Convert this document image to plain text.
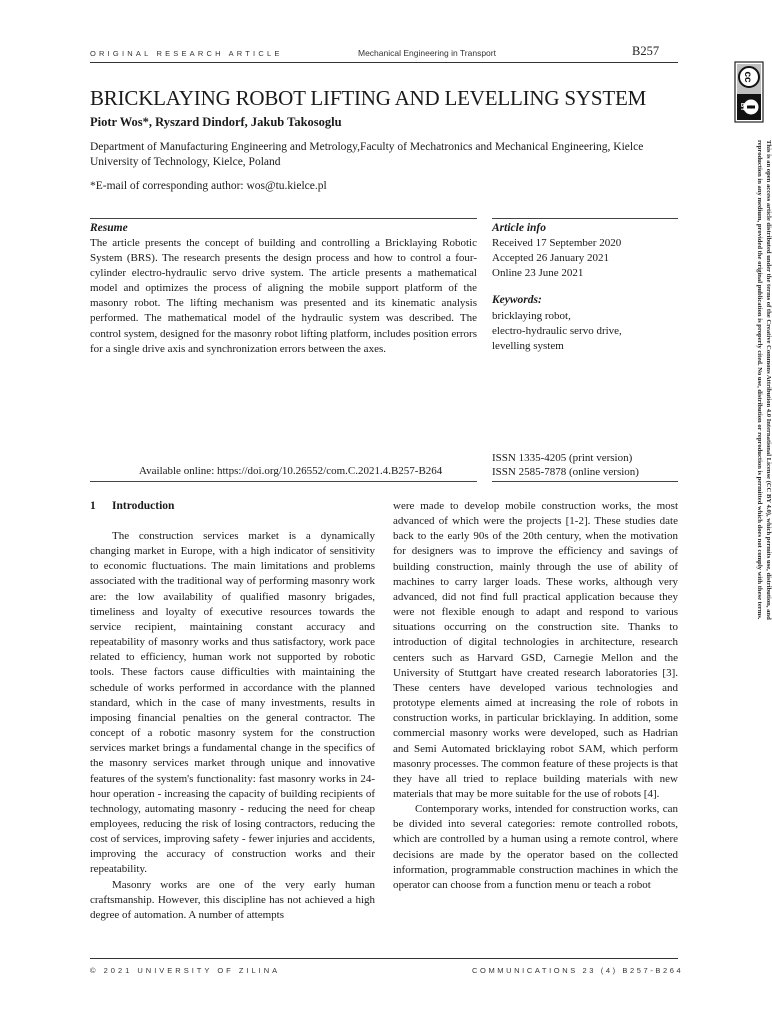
ORIGINAL RESEARCH ARTICLE	Mechanical Engineering in Transport	B257
BRICKLAYING ROBOT LIFTING AND LEVELLING SYSTEM
Piotr Wos*, Ryszard Dindorf, Jakub Takosoglu
Department of Manufacturing Engineering and Metrology,Faculty of Mechatronics and Mechanical Engineering, Kielce University of Technology, Kielce, Poland
*E-mail of corresponding author: wos@tu.kielce.pl
Resume
The article presents the concept of building and controlling a Bricklaying Robotic System (BRS). The research presents the design process and how to control a four-cylinder electro-hydraulic servo drive system. The article presents a mathematical model and optimizes the process of aligning the mobile support platform of the masonry robot. The lifting mechanism was presented and its kinematic analysis performed. The mathematical model of the hydraulic system was described. The control system, designed for the masonry robot lifting platform, includes position errors for a single drive axis and synchronization errors between the axes.
Article info
Received 17 September 2020
Accepted 26 January 2021
Online 23 June 2021
Keywords:
bricklaying robot,
electro-hydraulic servo drive,
levelling system
Available online: https://doi.org/10.26552/com.C.2021.4.B257-B264
ISSN 1335-4205 (print version)
ISSN 2585-7878 (online version)
1 Introduction

The construction services market is a dynamically changing market in Europe, with a high indicator of sensitivity to economic fluctuations. The main limitations and problems associated with the traditional way of performing masonry work are: the low availability of qualified masonry brigades, timeliness and loyalty of executive resources towards the service recipient, maintaining constant accuracy and repeatability of masonry works and thus satisfactory, work pace related to efficiency, human work not supported by robotic tools. These factors cause difficulties with maintaining the schedule of works performed in accordance with the planned standard, which in the case of many investments, results in imposing financial penalties on the general contractor. The concept of a robotic masonry system for the construction services market brings a fundamental change in the specifics of the masonry services market through unique and innovative features of the system's functionality: fast masonry works in 24-hour operation - increasing the capacity of building recipients of technology, automating masonry - reducing the need for cheap employees, reducing the risk of losing contractors, reducing the cost of services, improving safety - fewer injuries and accidents, improving the accuracy of construction works and their repeatability.

Masonry works are one of the very early human craftsmanship. However, this discipline has not achieved a high degree of automation. A number of attempts

were made to develop mobile construction works, the most advanced of which were the projects [1-2]. These studies date back to the early 90s of the 20th century, when the motivation for designers was to improve the efficiency and savings of building construction, mainly through the use of ability of machines to carry larger loads. These works, although very advanced, did not find full practical application because they were not flexible enough to adapt and respond to various situations occurring on the construction site. Thanks to introduction of digital technologies in architecture, research centers such as Harvard GSD, Carnegie Mellon and the University of Stuttgart have created research laboratories [3]. These centers have developed various technologies and prototype elements aimed at increasing the role of robots in construction works, in particular bricklaying. In addition, some commercial masonry works were developed, such as Hadrian and Semi Automated bricklaying robot SAM, which perform masonry processes. The common feature of these projects is that they have all tried to replace building materials with new materials that may be more suitable for the use of robots [4].

Contemporary works, intended for construction works, can be divided into several categories: remote controlled robots, which are controlled by a human using a remote control, where decisions are made by the operator based on the collected information, programmable construction machines in which the operator can choose from a function menu or teach a robot

© 2021 UNIVERSITY OF ZILINA	COMMUNICATIONS 23 (4) B257-B264
cc
BY
This is an open access article distributed under the terms of the Creative Commons Attribution 4.0 International License (CC BY 4.0), which permits use, distribution, and reproduction in any medium, provided the original publication is properly cited. No use, distribution or reproduction is permitted which does not comply with these terms.
